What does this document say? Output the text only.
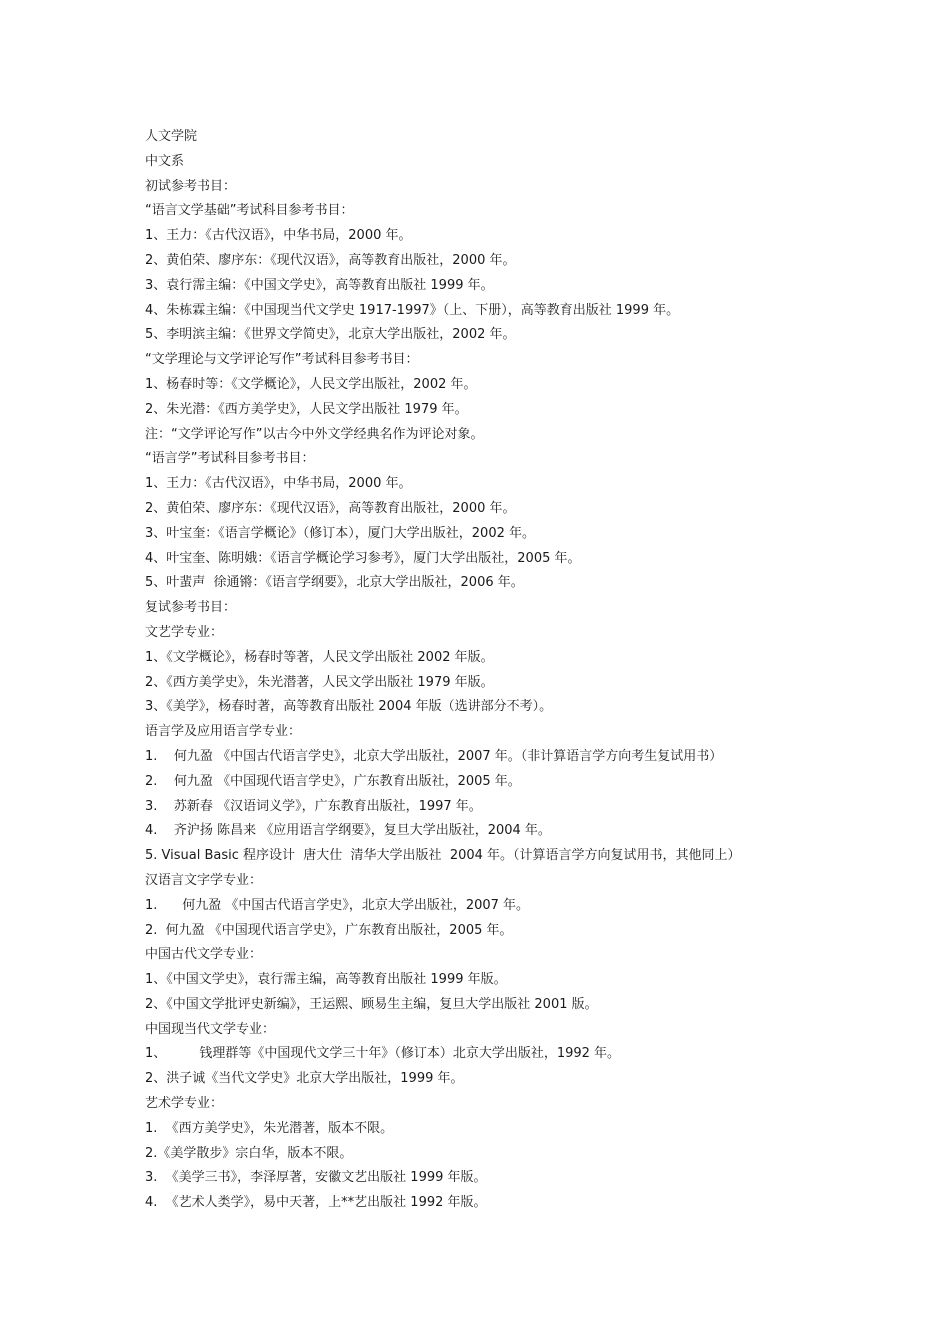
人文学院
中文系
初试参考书目：
“语言文学基础”考试科目参考书目：
1、王力：《古代汉语》，中华书局，2000 年。
2、黄伯荣、廖序东：《现代汉语》，高等教育出版社，2000 年。
3、袁行霈主编：《中国文学史》，高等教育出版社 1999 年。
4、朱栋霖主编：《中国现当代文学史 1917-1997》（上、下册），高等教育出版社 1999 年。
5、李明滨主编：《世界文学简史》，北京大学出版社，2002 年。
“文学理论与文学评论写作”考试科目参考书目：
1、杨春时等：《文学概论》，人民文学出版社，2002 年。
2、朱光潜：《西方美学史》，人民文学出版社 1979 年。
注：“文学评论写作”以古今中外文学经典名作为评论对象。
“语言学”考试科目参考书目：
1、王力：《古代汉语》，中华书局，2000 年。
2、黄伯荣、廖序东：《现代汉语》，高等教育出版社，2000 年。
3、叶宝奎：《语言学概论》（修订本），厦门大学出版社，2002 年。
4、叶宝奎、陈明娥：《语言学概论学习参考》，厦门大学出版社，2005 年。
5、叶蜚声  徐通锵：《语言学纲要》，北京大学出版社，2006 年。
复试参考书目：
文艺学专业：
1、《文学概论》，杨春时等著，人民文学出版社 2002 年版。
2、《西方美学史》，朱光潜著，人民文学出版社 1979 年版。
3、《美学》，杨春时著，高等教育出版社 2004 年版（选讲部分不考）。
语言学及应用语言学专业：
1.    何九盈 《中国古代语言学史》，北京大学出版社，2007 年。（非计算语言学方向考生复试用书）
2.    何九盈 《中国现代语言学史》，广东教育出版社，2005 年。
3.    苏新春 《汉语词义学》，广东教育出版社，1997 年。
4.    齐沪扬 陈昌来 《应用语言学纲要》，复旦大学出版社，2004 年。
5. Visual Basic 程序设计  唐大仕  清华大学出版社  2004 年。（计算语言学方向复试用书，其他同上）
汉语言文字学专业：
1.      何九盈 《中国古代语言学史》，北京大学出版社，2007 年。
2.  何九盈 《中国现代语言学史》，广东教育出版社，2005 年。
中国古代文学专业：
1、《中国文学史》，袁行霈主编，高等教育出版社 1999 年版。
2、《中国文学批评史新编》，王运熙、顾易生主编，复旦大学出版社 2001 版。
中国现当代文学专业：
1、        钱理群等《中国现代文学三十年》（修订本）北京大学出版社，1992 年。
2、洪子诚《当代文学史》北京大学出版社，1999 年。
艺术学专业：
1.  《西方美学史》，朱光潜著，版本不限。
2.《美学散步》宗白华，版本不限。
3.  《美学三书》，李泽厚著，安徽文艺出版社 1999 年版。
4.  《艺术人类学》，易中天著，上**艺出版社 1992 年版。
